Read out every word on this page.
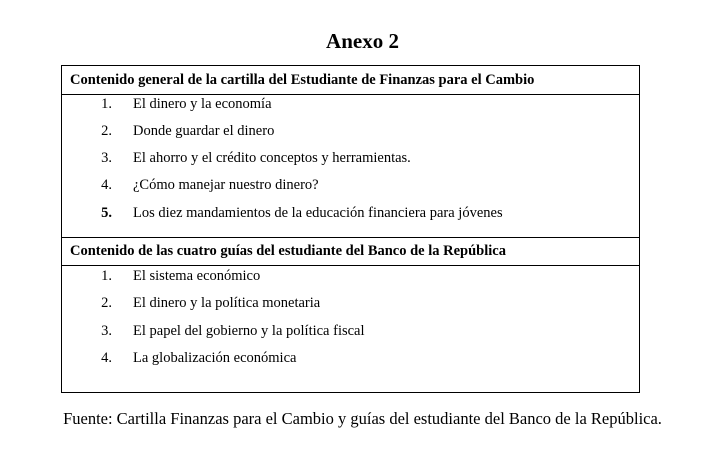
Anexo 2
Contenido general de la cartilla del Estudiante de Finanzas para el Cambio
1. El dinero y la economía
2. Donde guardar el dinero
3. El ahorro y el crédito conceptos y herramientas.
4. ¿Cómo manejar nuestro dinero?
5. Los diez mandamientos de la educación financiera para jóvenes
Contenido de las cuatro guías del estudiante del Banco de la República
1. El sistema económico
2. El dinero y la política monetaria
3. El papel del gobierno y la política fiscal
4. La globalización económica
Fuente: Cartilla Finanzas para el Cambio y guías del estudiante del Banco de la República.
